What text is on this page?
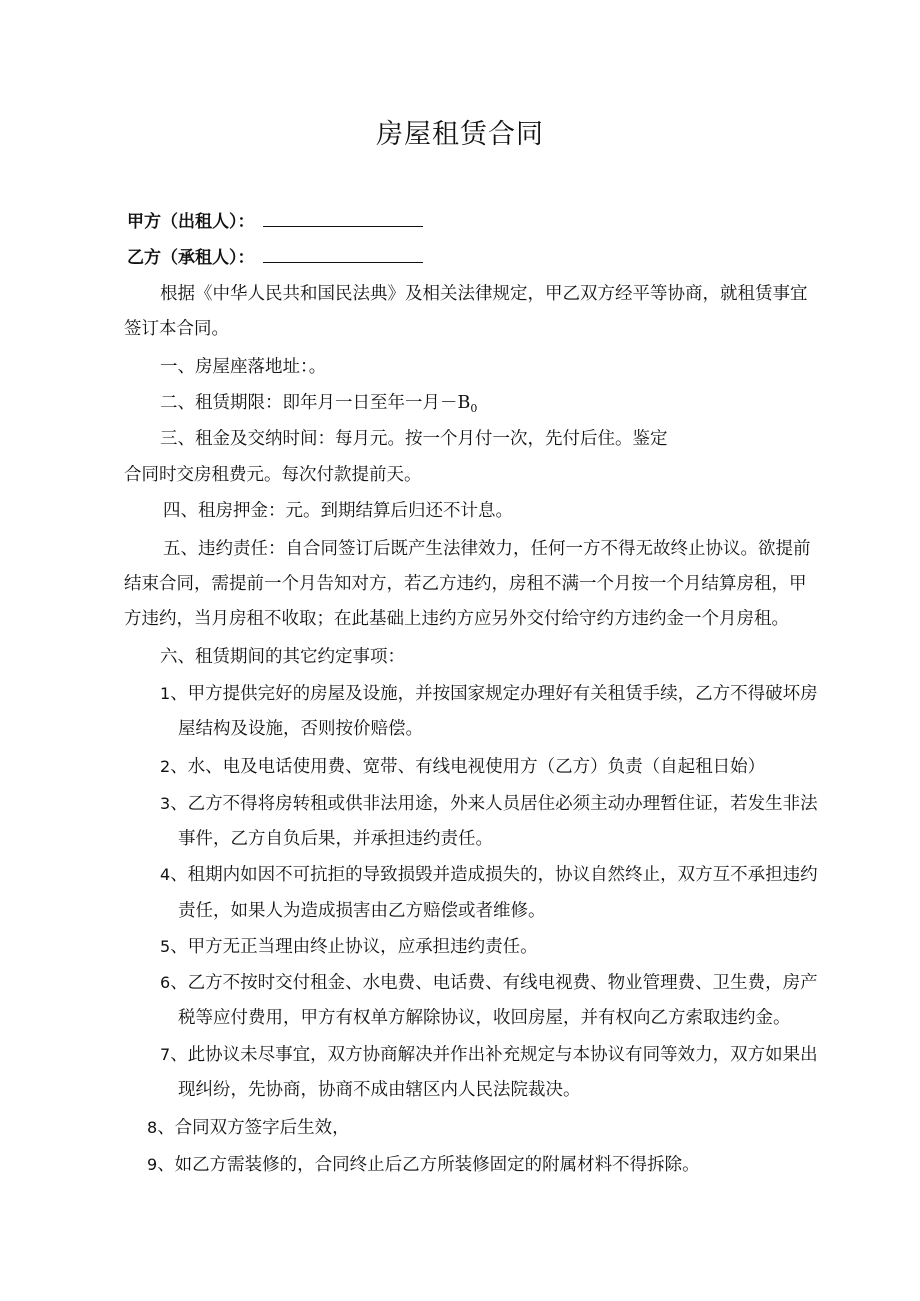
房屋租赁合同
甲方（出租人）：
乙方（承租人）：
根据《中华人民共和国民法典》及相关法律规定，甲乙双方经平等协商，就租赁事宜
签订本合同。
一、房屋座落地址：。
二、租赁期限：即年月一日至年一月$-B_0$
三、租金及交纳时间：每月元。按一个月付一次，先付后住。鉴定
合同时交房租费元。每次付款提前天。
四、租房押金：元。到期结算后归还不计息。
五、违约责任：自合同签订后既产生法律效力，任何一方不得无故终止协议。欲提前
结束合同，需提前一个月告知对方，若乙方违约，房租不满一个月按一个月结算房租，甲
方违约，当月房租不收取；在此基础上违约方应另外交付给守约方违约金一个月房租。
六、租赁期间的其它约定事项：
1、甲方提供完好的房屋及设施，并按国家规定办理好有关租赁手续，乙方不得破坏房
屋结构及设施，否则按价赔偿。
2、水、电及电话使用费、宽带、有线电视使用方（乙方）负责（自起租日始）
3、乙方不得将房转租或供非法用途，外来人员居住必须主动办理暂住证，若发生非法
事件，乙方自负后果，并承担违约责任。
4、租期内如因不可抗拒的导致损毁并造成损失的，协议自然终止，双方互不承担违约
责任，如果人为造成损害由乙方赔偿或者维修。
5、甲方无正当理由终止协议，应承担违约责任。
6、乙方不按时交付租金、水电费、电话费、有线电视费、物业管理费、卫生费，房产
税等应付费用，甲方有权单方解除协议，收回房屋，并有权向乙方索取违约金。
7、此协议未尽事宜，双方协商解决并作出补充规定与本协议有同等效力，双方如果出
现纠纷，先协商，协商不成由辖区内人民法院裁决。
8、合同双方签字后生效，
9、如乙方需装修的，合同终止后乙方所装修固定的附属材料不得拆除。
